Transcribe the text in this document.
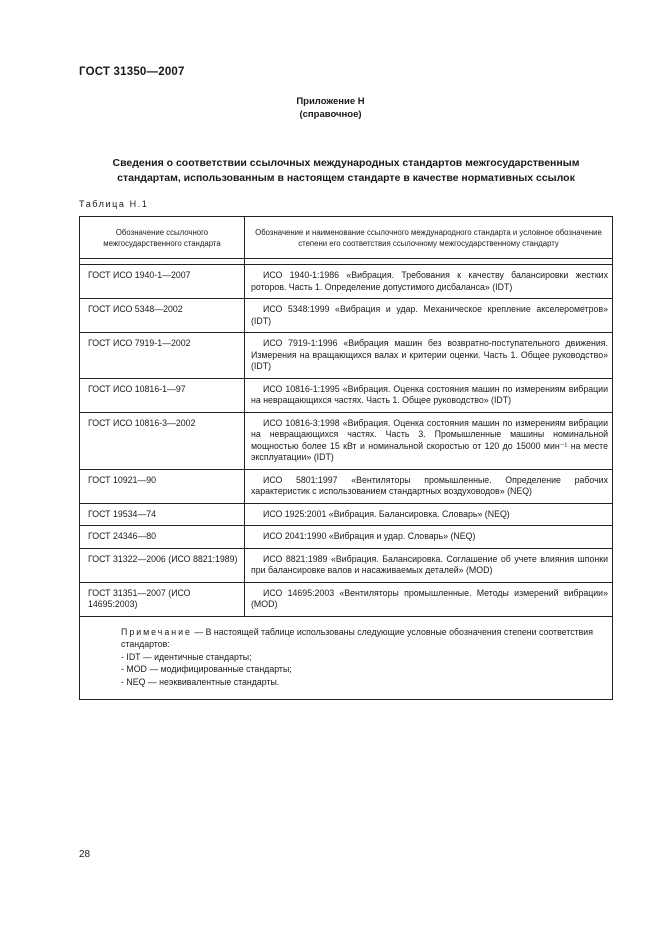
ГОСТ 31350—2007
Приложение Н
(справочное)
Сведения о соответствии ссылочных международных стандартов межгосударственным стандартам, использованным в настоящем стандарте в качестве нормативных ссылок
Таблица Н.1
Обозначение ссылочного межгосударственного стандарта	Обозначение и наименование ссылочного международного стандарта и условное обозначение степени его соответствия ссылочному межгосударственному стандарту

ГОСТ ИСО 1940-1—2007	ИСО 1940-1:1986 «Вибрация. Требования к качеству балансировки жестких роторов. Часть 1. Определение допустимого дисбаланса» (IDT)
ГОСТ ИСО 5348—2002	ИСО 5348:1999 «Вибрация и удар. Механическое крепление акселерометров» (IDT)
ГОСТ ИСО 7919-1—2002	ИСО 7919-1:1996 «Вибрация машин без возвратно-поступательного движения. Измерения на вращающихся валах и критерии оценки. Часть 1. Общее руководство» (IDT)
ГОСТ ИСО 10816-1—97	ИСО 10816-1:1995 «Вибрация. Оценка состояния машин по измерениям вибрации на невращающихся частях. Часть 1. Общее руководство» (IDT)
ГОСТ ИСО 10816-3—2002	ИСО 10816-3:1998 «Вибрация. Оценка состояния машин по измерениям вибрации на невращающихся частях. Часть 3. Промышленные машины номинальной мощностью более 15 кВт и номинальной скоростью от 120 до 15000 мин⁻¹ на месте эксплуатации» (IDT)
ГОСТ 10921—90	ИСО 5801:1997 «Вентиляторы промышленные. Определение рабочих характеристик с использованием стандартных воздуховодов» (NEQ)
ГОСТ 19534—74	ИСО 1925:2001 «Вибрация. Балансировка. Словарь» (NEQ)
ГОСТ 24346—80	ИСО 2041:1990 «Вибрация и удар. Словарь» (NEQ)
ГОСТ 31322—2006 (ИСО 8821:1989)	ИСО 8821:1989 «Вибрация. Балансировка. Соглашение об учете влияния шпонки при балансировке валов и насаживаемых деталей» (MOD)
ГОСТ 31351—2007 (ИСО 14695:2003)	ИСО 14695:2003 «Вентиляторы промышленные. Методы измерений вибрации» (MOD)

Примечание — В настоящей таблице использованы следующие условные обозначения степени соответствия стандартов:
- IDT — идентичные стандарты;
- MOD — модифицированные стандарты;
- NEQ — неэквивалентные стандарты.	
28
